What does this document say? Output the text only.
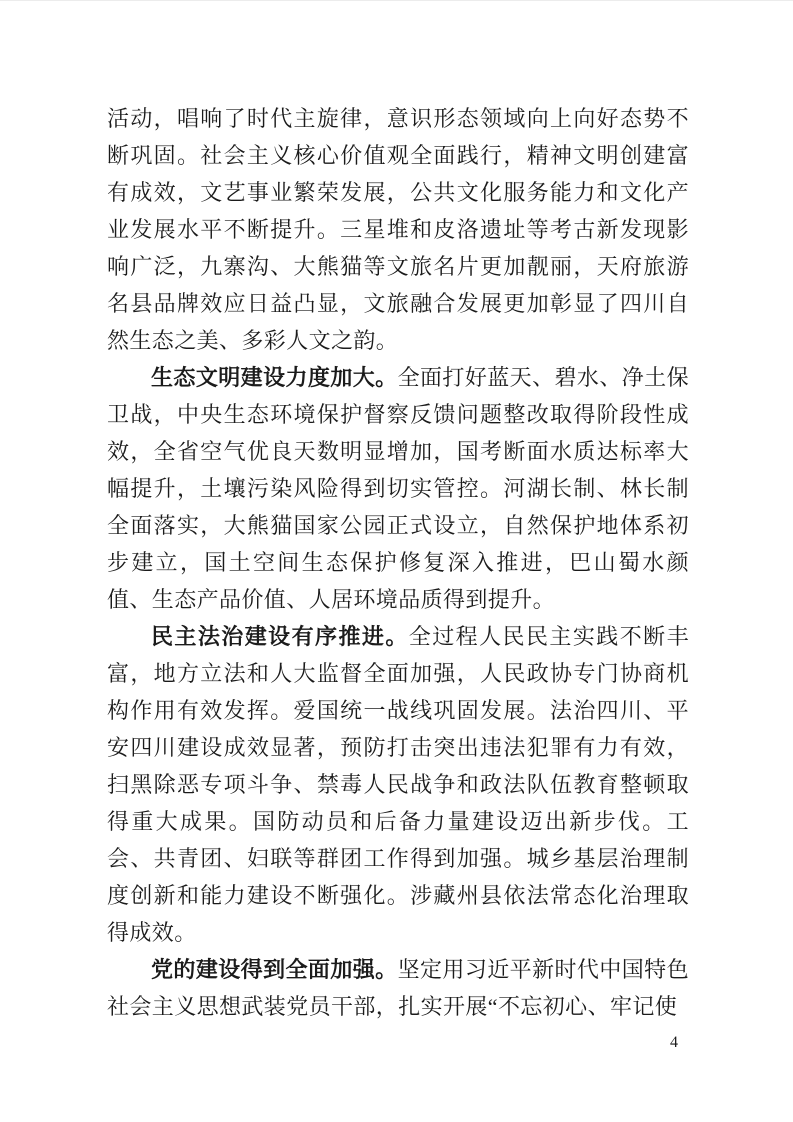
活动，唱响了时代主旋律，意识形态领域向上向好态势不断巩固。社会主义核心价值观全面践行，精神文明创建富有成效，文艺事业繁荣发展，公共文化服务能力和文化产业发展水平不断提升。三星堆和皮洛遗址等考古新发现影响广泛，九寨沟、大熊猫等文旅名片更加靓丽，天府旅游名县品牌效应日益凸显，文旅融合发展更加彰显了四川自然生态之美、多彩人文之韵。

生态文明建设力度加大。全面打好蓝天、碧水、净土保卫战，中央生态环境保护督察反馈问题整改取得阶段性成效，全省空气优良天数明显增加，国考断面水质达标率大幅提升，土壤污染风险得到切实管控。河湖长制、林长制全面落实，大熊猫国家公园正式设立，自然保护地体系初步建立，国土空间生态保护修复深入推进，巴山蜀水颜值、生态产品价值、人居环境品质得到提升。

民主法治建设有序推进。全过程人民民主实践不断丰富，地方立法和人大监督全面加强，人民政协专门协商机构作用有效发挥。爱国统一战线巩固发展。法治四川、平安四川建设成效显著，预防打击突出违法犯罪有力有效，扫黑除恶专项斗争、禁毒人民战争和政法队伍教育整顿取得重大成果。国防动员和后备力量建设迈出新步伐。工会、共青团、妇联等群团工作得到加强。城乡基层治理制度创新和能力建设不断强化。涉藏州县依法常态化治理取得成效。

党的建设得到全面加强。坚定用习近平新时代中国特色社会主义思想武装党员干部，扎实开展“不忘初心、牢记使

4
